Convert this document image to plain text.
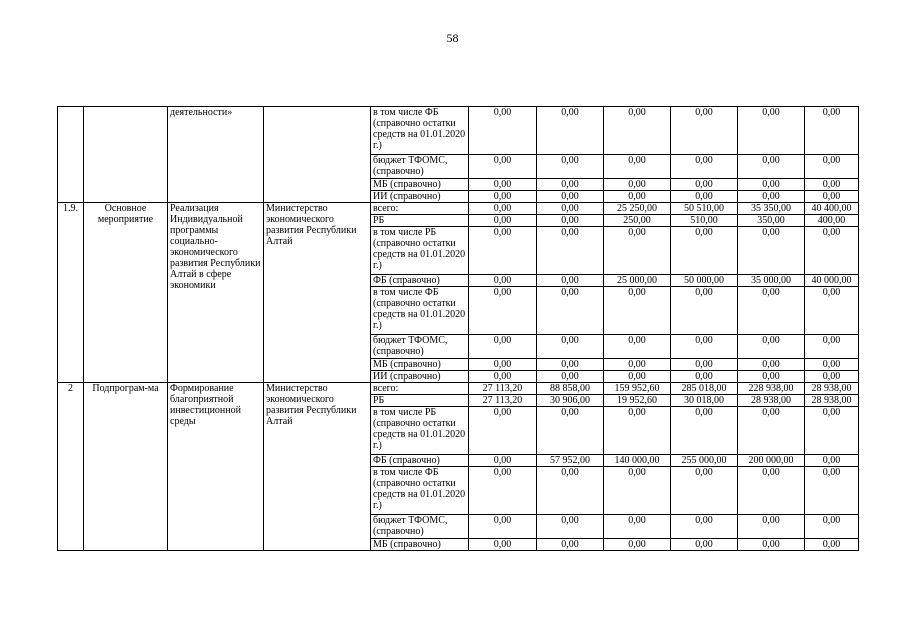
58
		деятельности»		в том числе ФБ (справочно остатки средств на 01.01.2020 г.)	0,00	0,00	0,00	0,00	0,00	0,00
				бюджет ТФОМС, (справочно)	0,00	0,00	0,00	0,00	0,00	0,00
				МБ (справочно)	0,00	0,00	0,00	0,00	0,00	0,00
				ИИ (справочно)	0,00	0,00	0,00	0,00	0,00	0,00
1.9.	Основное мероприятие	Реализация Индивидуальной программы социально-экономического развития Республики Алтай в сфере экономики	Министерство экономического развития Республики Алтай	всего:	0,00	0,00	25 250,00	50 510,00	35 350,00	40 400,00
				РБ	0,00	0,00	250,00	510,00	350,00	400,00
				в том числе РБ (справочно остатки средств на 01.01.2020 г.)	0,00	0,00	0,00	0,00	0,00	0,00
				ФБ (справочно)	0,00	0,00	25 000,00	50 000,00	35 000,00	40 000,00
				в том числе ФБ (справочно остатки средств на 01.01.2020 г.)	0,00	0,00	0,00	0,00	0,00	0,00
				бюджет ТФОМС, (справочно)	0,00	0,00	0,00	0,00	0,00	0,00
				МБ (справочно)	0,00	0,00	0,00	0,00	0,00	0,00
				ИИ (справочно)	0,00	0,00	0,00	0,00	0,00	0,00
2	Подпрограм-ма	Формирование благоприятной инвестиционной среды	Министерство экономического развития Республики Алтай	всего:	27 113,20	88 858,00	159 952,60	285 018,00	228 938,00	28 938,00
				РБ	27 113,20	30 906,00	19 952,60	30 018,00	28 938,00	28 938,00
				в том числе РБ (справочно остатки средств на 01.01.2020 г.)	0,00	0,00	0,00	0,00	0,00	0,00
				ФБ (справочно)	0,00	57 952,00	140 000,00	255 000,00	200 000,00	0,00
				в том числе ФБ (справочно остатки средств на 01.01.2020 г.)	0,00	0,00	0,00	0,00	0,00	0,00
				бюджет ТФОМС, (справочно)	0,00	0,00	0,00	0,00	0,00	0,00
				МБ (справочно)	0,00	0,00	0,00	0,00	0,00	0,00
